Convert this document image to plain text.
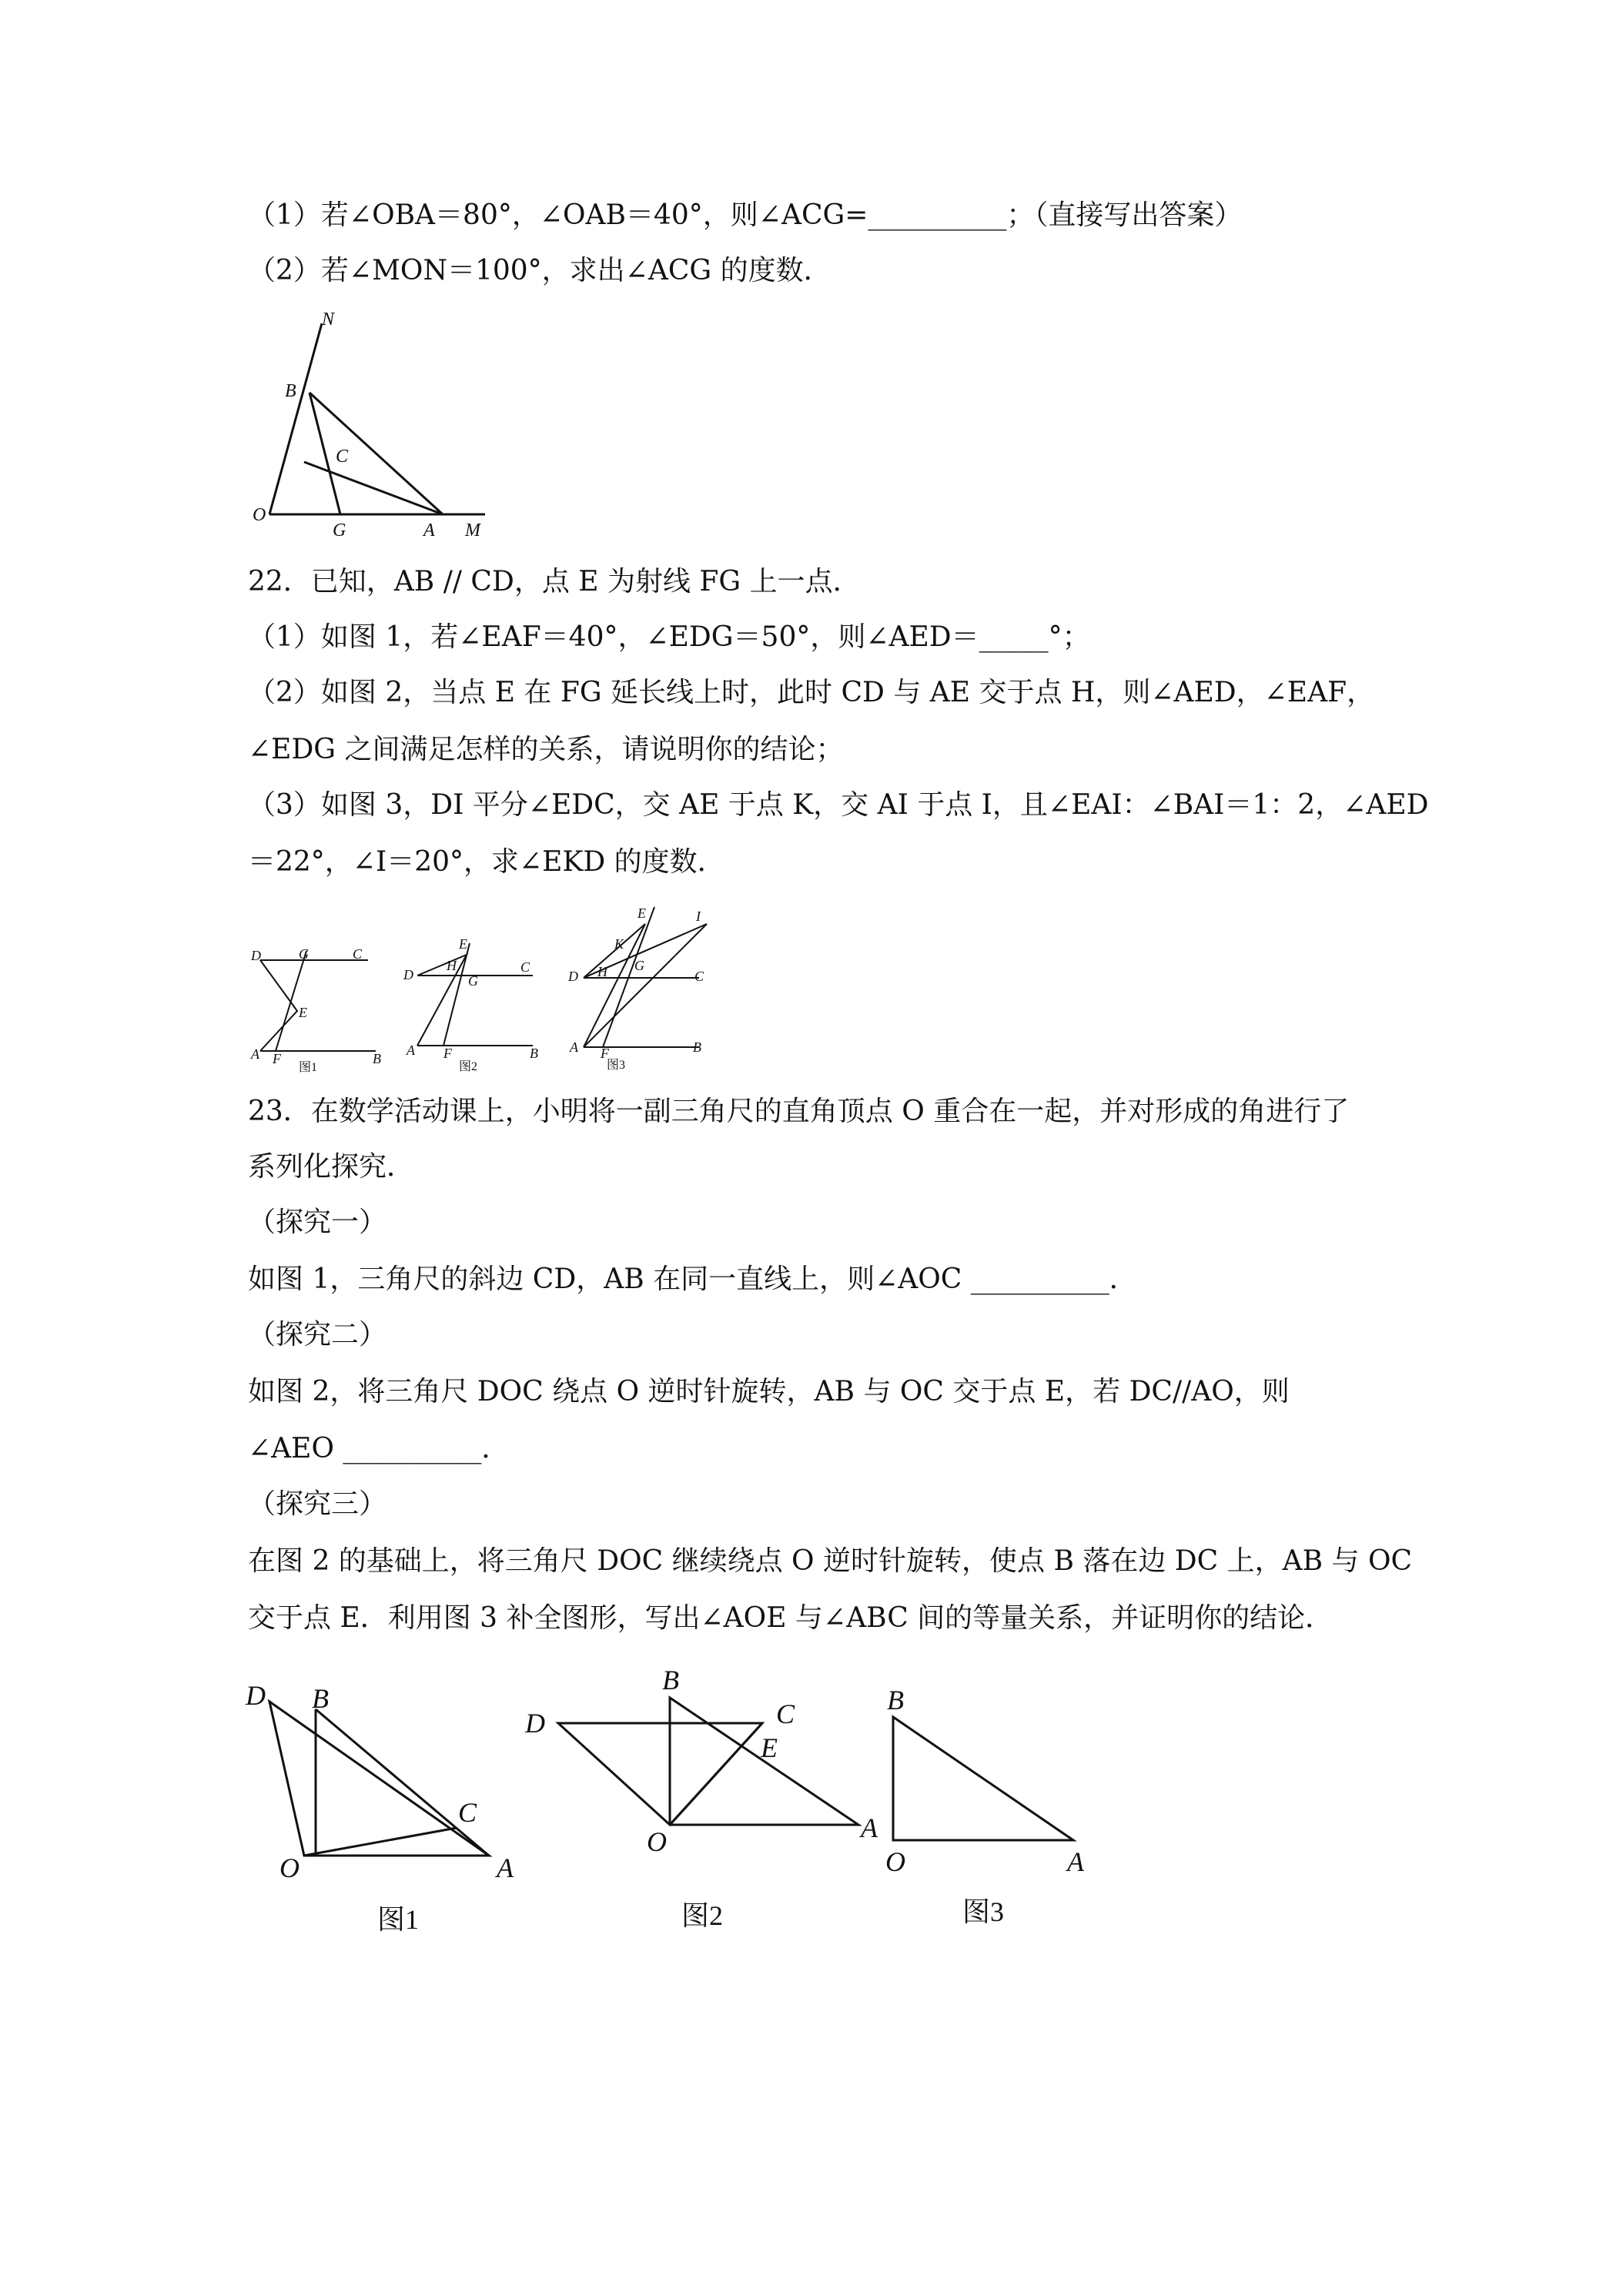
（1）若∠OBA＝80°，∠OAB＝40°，则∠ACG=__________；（直接写出答案）
（2）若∠MON＝100°，求出∠ACG 的度数．
22．已知，AB // CD，点 E 为射线 FG 上一点．
（1）如图 1，若∠EAF＝40°，∠EDG＝50°，则∠AED＝_____°；
（2）如图 2，当点 E 在 FG 延长线上时，此时 CD 与 AE 交于点 H，则∠AED，∠EAF，
∠EDG 之间满足怎样的关系，请说明你的结论；
（3）如图 3，DI 平分∠EDC，交 AE 于点 K，交 AI 于点 I，且∠EAI：∠BAI＝1：2，∠AED
＝22°，∠I＝20°，求∠EKD 的度数．
23．在数学活动课上，小明将一副三角尺的直角顶点 O 重合在一起，并对形成的角进行了
系列化探究．
（探究一）
如图 1，三角尺的斜边 CD，AB 在同一直线上，则∠AOC __________．
（探究二）
如图 2，将三角尺 DOC 绕点 O 逆时针旋转，AB 与 OC 交于点 E，若 DC//AO，则
∠AEO __________．
（探究三）
在图 2 的基础上，将三角尺 DOC 继续绕点 O 逆时针旋转，使点 B 落在边 DC 上，AB 与 OC
交于点 E．利用图 3 补全图形，写出∠AOE 与∠ABC 间的等量关系，并证明你的结论．
N
B
C
O
G	A M
D	G	C
E
A F	B
图1
E
D
H
G
C
A F	B
图2
E	I
K
D H G
C
A F	B
图3
D B
C
O	A
图1
B
D	C
E
O	A
图2
B
O	A
图3
